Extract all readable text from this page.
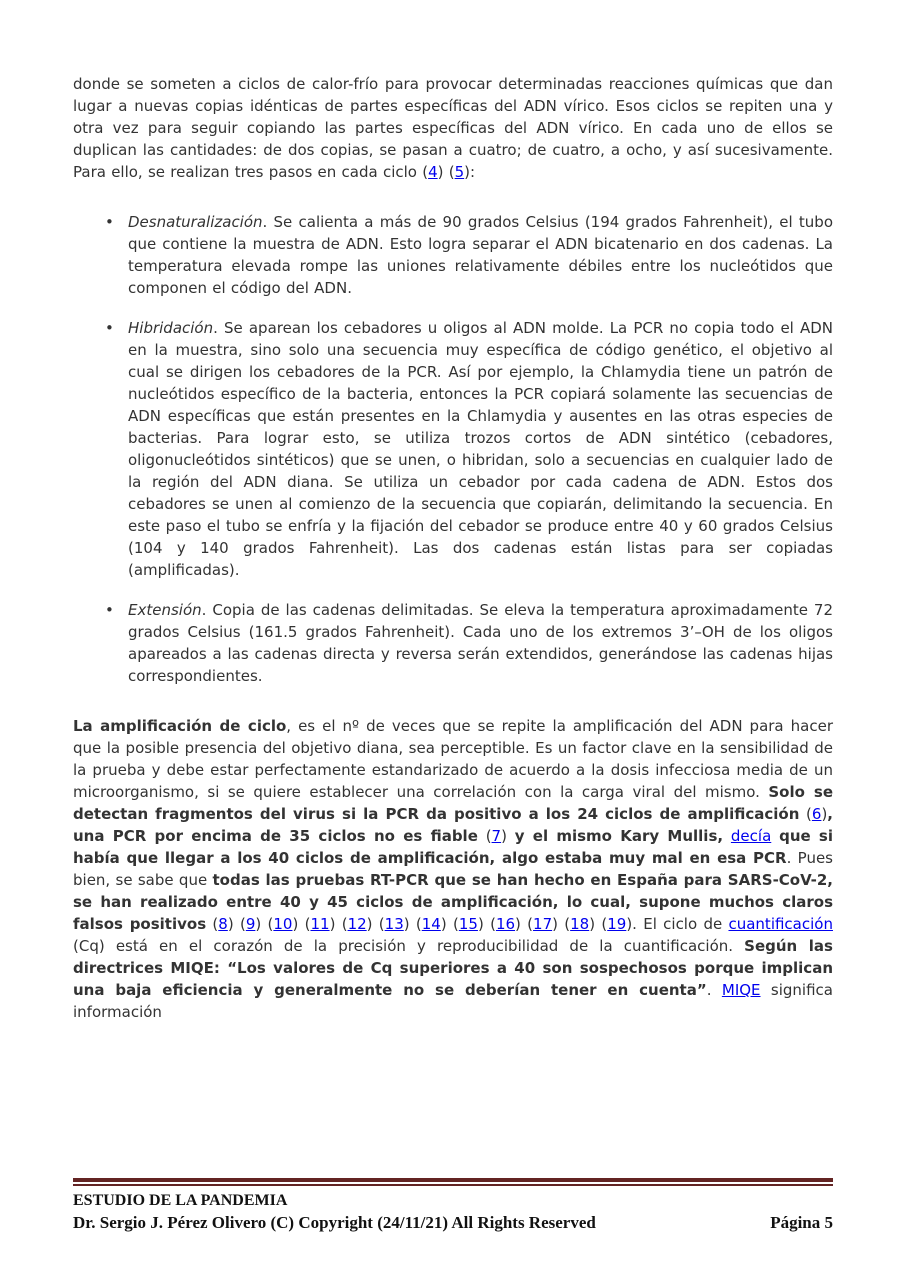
donde se someten a ciclos de calor-frío para provocar determinadas reacciones químicas que dan lugar a nuevas copias idénticas de partes específicas del ADN vírico. Esos ciclos se repiten una y otra vez para seguir copiando las partes específicas del ADN vírico. En cada uno de ellos se duplican las cantidades: de dos copias, se pasan a cuatro; de cuatro, a ocho, y así sucesivamente. Para ello, se realizan tres pasos en cada ciclo (4) (5):
• Desnaturalización. Se calienta a más de 90 grados Celsius (194 grados Fahrenheit), el tubo que contiene la muestra de ADN. Esto logra separar el ADN bicatenario en dos cadenas. La temperatura elevada rompe las uniones relativamente débiles entre los nucleótidos que componen el código del ADN.
• Hibridación. Se aparean los cebadores u oligos al ADN molde. La PCR no copia todo el ADN en la muestra, sino solo una secuencia muy específica de código genético, el objetivo al cual se dirigen los cebadores de la PCR. Así por ejemplo, la Chlamydia tiene un patrón de nucleótidos específico de la bacteria, entonces la PCR copiará solamente las secuencias de ADN específicas que están presentes en la Chlamydia y ausentes en las otras especies de bacterias. Para lograr esto, se utiliza trozos cortos de ADN sintético (cebadores, oligonucleótidos sintéticos) que se unen, o hibridan, solo a secuencias en cualquier lado de la región del ADN diana. Se utiliza un cebador por cada cadena de ADN. Estos dos cebadores se unen al comienzo de la secuencia que copiarán, delimitando la secuencia. En este paso el tubo se enfría y la fijación del cebador se produce entre 40 y 60 grados Celsius (104 y 140 grados Fahrenheit). Las dos cadenas están listas para ser copiadas (amplificadas).
• Extensión. Copia de las cadenas delimitadas. Se eleva la temperatura aproximadamente 72 grados Celsius (161.5 grados Fahrenheit). Cada uno de los extremos 3’–OH de los oligos apareados a las cadenas directa y reversa serán extendidos, generándose las cadenas hijas correspondientes.
La amplificación de ciclo, es el nº de veces que se repite la amplificación del ADN para hacer que la posible presencia del objetivo diana, sea perceptible. Es un factor clave en la sensibilidad de la prueba y debe estar perfectamente estandarizado de acuerdo a la dosis infecciosa media de un microorganismo, si se quiere establecer una correlación con la carga viral del mismo. Solo se detectan fragmentos del virus si la PCR da positivo a los 24 ciclos de amplificación (6), una PCR por encima de 35 ciclos no es fiable (7) y el mismo Kary Mullis, decía que si había que llegar a los 40 ciclos de amplificación, algo estaba muy mal en esa PCR. Pues bien, se sabe que todas las pruebas RT-PCR que se han hecho en España para SARS-CoV-2, se han realizado entre 40 y 45 ciclos de amplificación, lo cual, supone muchos claros falsos positivos (8) (9) (10) (11) (12) (13) (14) (15) (16) (17) (18) (19). El ciclo de cuantificación (Cq) está en el corazón de la precisión y reproducibilidad de la cuantificación. Según las directrices MIQE: “Los valores de Cq superiores a 40 son sospechosos porque implican una baja eficiencia y generalmente no se deberían tener en cuenta”. MIQE significa información
ESTUDIO DE LA PANDEMIA
Dr. Sergio J. Pérez Olivero (C) Copyright (24/11/21) All Rights Reserved	Página 5
